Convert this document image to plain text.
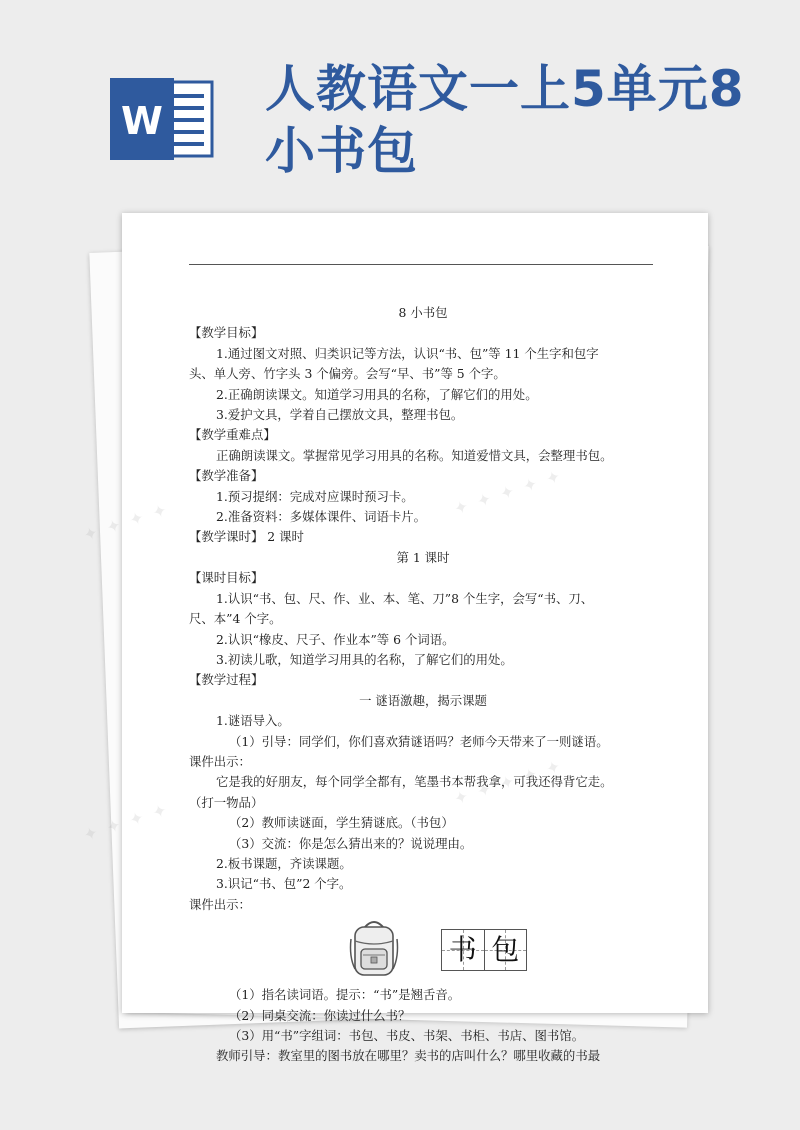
W
人教语文一上5单元8
小书包
8 小书包
【教学目标】
1.通过图文对照、归类识记等方法，认识“书、包”等 11 个生字和包字
头、单人旁、竹字头 3 个偏旁。会写“早、书”等 5 个字。
2.正确朗读课文。知道学习用具的名称，了解它们的用处。
3.爱护文具，学着自己摆放文具，整理书包。
【教学重难点】
正确朗读课文。掌握常见学习用具的名称。知道爱惜文具，会整理书包。
【教学准备】
1.预习提纲：完成对应课时预习卡。
2.准备资料：多媒体课件、词语卡片。
【教学课时】 2 课时
第 1 课时
【课时目标】
1.认识“书、包、尺、作、业、本、笔、刀”8 个生字，会写“书、刀、
尺、本”4 个字。
2.认识“橡皮、尺子、作业本”等 6 个词语。
3.初读儿歌，知道学习用具的名称，了解它们的用处。
【教学过程】
一 谜语激趣，揭示课题
1.谜语导入。
（1）引导：同学们，你们喜欢猜谜语吗？老师今天带来了一则谜语。
课件出示：
它是我的好朋友，每个同学全都有，笔墨书本帮我拿，可我还得背它走。
（打一物品）
（2）教师读谜面，学生猜谜底。（书包）
（3）交流：你是怎么猜出来的？说说理由。
2.板书课题，齐读课题。
3.识记“书、包”2 个字。
课件出示：
书 包
（1）指名读词语。提示：“书”是翘舌音。
（2）同桌交流：你读过什么书？
（3）用“书”字组词：书包、书皮、书架、书柜、书店、图书馆。
教师引导：教室里的图书放在哪里？卖书的店叫什么？哪里收藏的书最
✦ ✦ ✦ ✦
✦ ✦ ✦ ✦ ✦
✦ ✦ ✦ ✦
✦ ✦ ✦ ✦ ✦
